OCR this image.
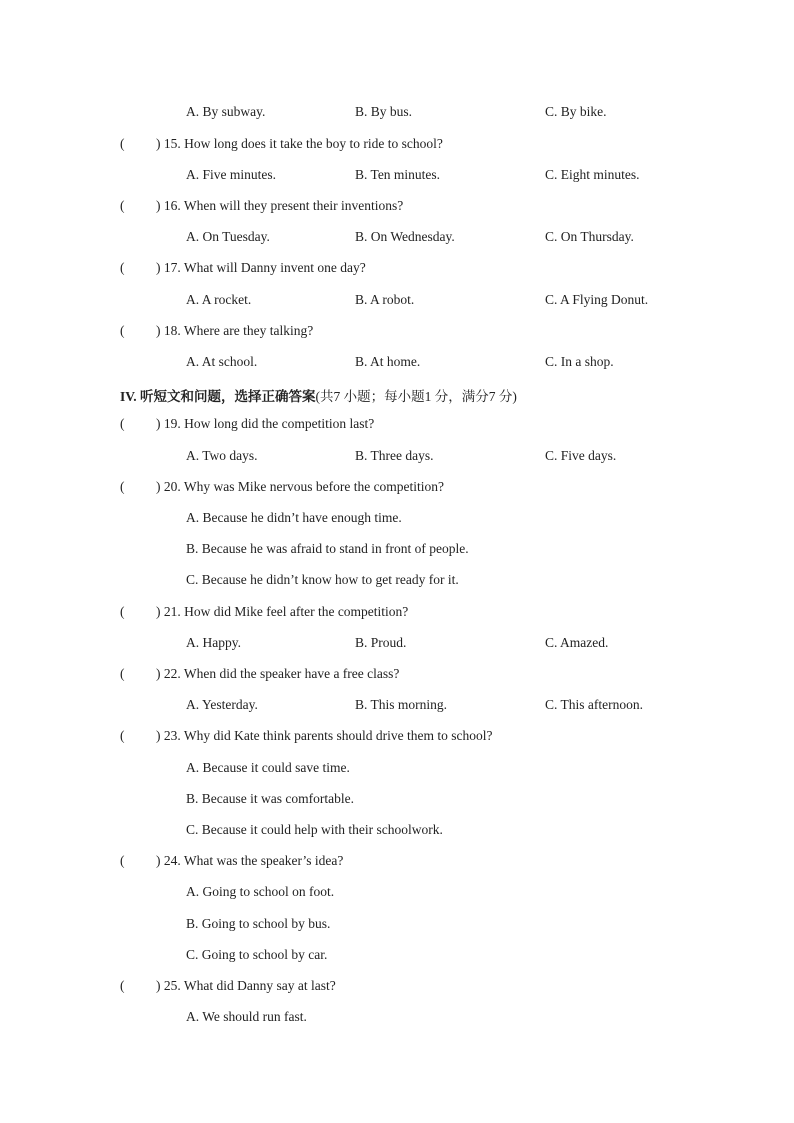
A. By subway.	B. By bus.	C. By bike.
( ) 15. How long does it take the boy to ride to school?
A. Five minutes.	B. Ten minutes.	C. Eight minutes.
( ) 16. When will they present their inventions?
A. On Tuesday.	B. On Wednesday.	C. On Thursday.
( ) 17. What will Danny invent one day?
A. A rocket.	B. A robot.	C. A Flying Donut.
( ) 18. Where are they talking?
A. At school.	B. At home.	C. In a shop.
IV. 听短文和问题，选择正确答案(共7 小题；每小题1 分，满分7 分)
( ) 19. How long did the competition last?
A. Two days.	B. Three days.	C. Five days.
( ) 20. Why was Mike nervous before the competition?
A. Because he didn’t have enough time.
B. Because he was afraid to stand in front of people.
C. Because he didn’t know how to get ready for it.
( ) 21. How did Mike feel after the competition?
A. Happy.	B. Proud.	C. Amazed.
( ) 22. When did the speaker have a free class?
A. Yesterday.	B. This morning.	C. This afternoon.
( ) 23. Why did Kate think parents should drive them to school?
A. Because it could save time.
B. Because it was comfortable.
C. Because it could help with their schoolwork.
( ) 24. What was the speaker’s idea?
A. Going to school on foot.
B. Going to school by bus.
C. Going to school by car.
( ) 25. What did Danny say at last?
A. We should run fast.
